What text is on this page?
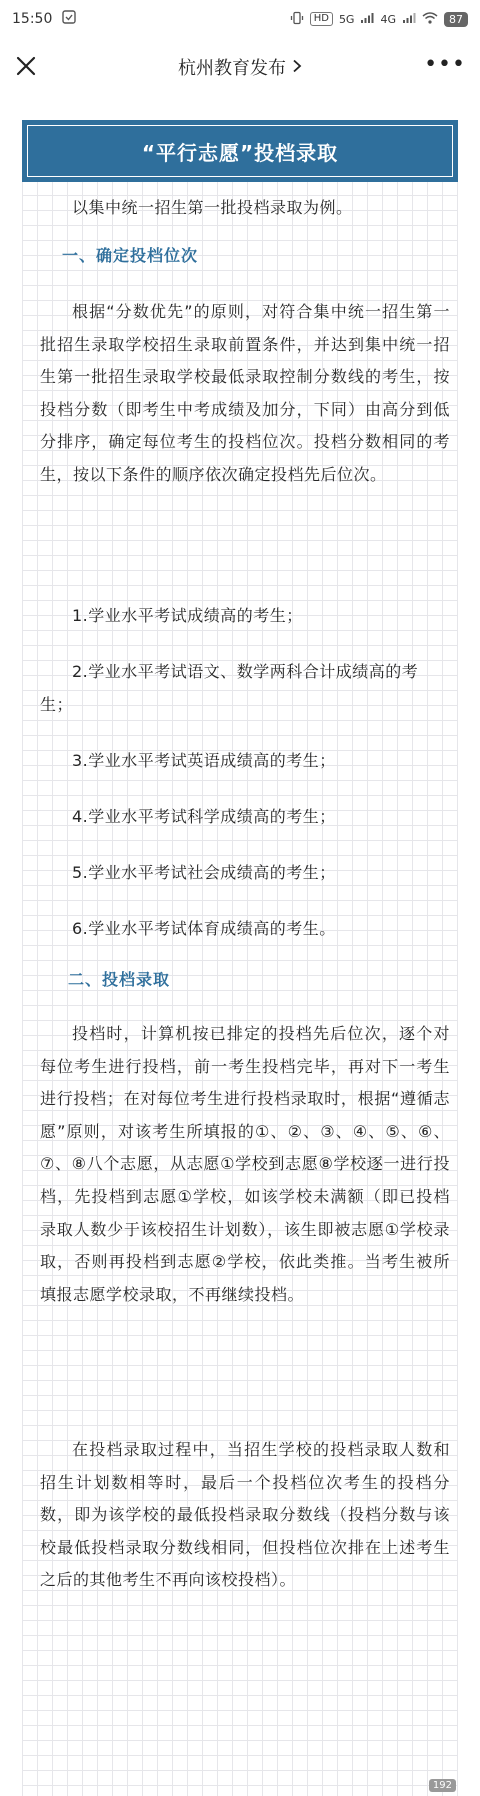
15:50	HD 5G 4G	87
杭州教育发布	•••
“平行志愿”投档录取

以集中统一招生第一批投档录取为例。

一、确定投档位次

根据“分数优先”的原则，对符合集中统一招生第一批招生录取学校招生录取前置条件，并达到集中统一招生第一批招生录取学校最低录取控制分数线的考生，按投档分数（即考生中考成绩及加分，下同）由高分到低分排序，确定每位考生的投档位次。投档分数相同的考生，按以下条件的顺序依次确定投档先后位次。

1.学业水平考试成绩高的考生；

2.学业水平考试语文、数学两科合计成绩高的考生；

3.学业水平考试英语成绩高的考生；

4.学业水平考试科学成绩高的考生；

5.学业水平考试社会成绩高的考生；

6.学业水平考试体育成绩高的考生。

二、投档录取

投档时，计算机按已排定的投档先后位次，逐个对每位考生进行投档，前一考生投档完毕，再对下一考生进行投档；在对每位考生进行投档录取时，根据“遵循志愿”原则，对该考生所填报的①、②、③、④、⑤、⑥、⑦、⑧八个志愿，从志愿①学校到志愿⑧学校逐一进行投档，先投档到志愿①学校，如该学校未满额（即已投档录取人数少于该校招生计划数），该生即被志愿①学校录取，否则再投档到志愿②学校，依此类推。当考生被所填报志愿学校录取，不再继续投档。

在投档录取过程中，当招生学校的投档录取人数和招生计划数相等时，最后一个投档位次考生的投档分数，即为该学校的最低投档录取分数线（投档分数与该校最低投档录取分数线相同，但投档位次排在上述考生之后的其他考生不再向该校投档）。

192
